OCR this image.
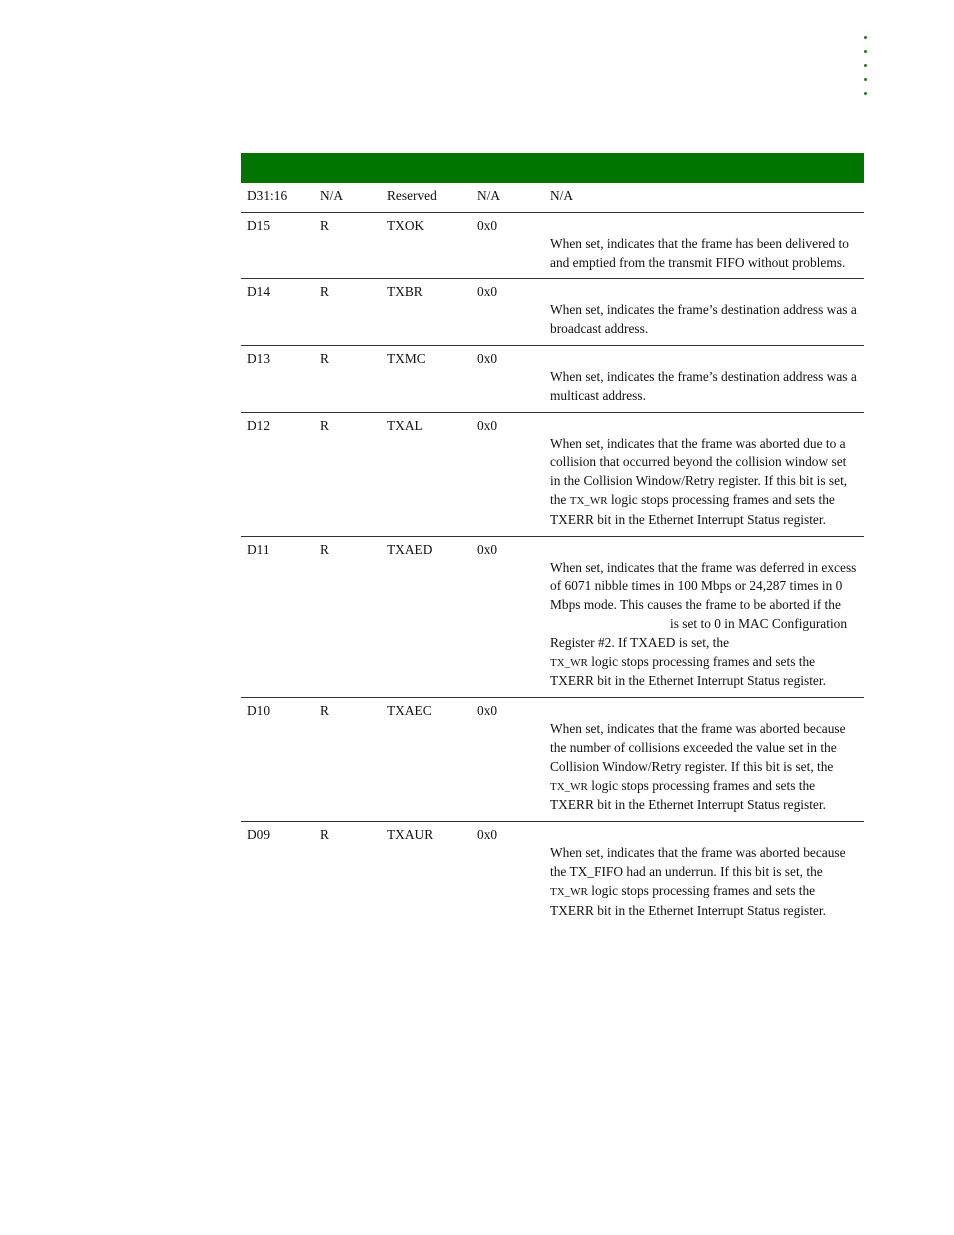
D31:16	N/A	Reserved	N/A	N/A
D15	R	TXOK	0x0	When set, indicates that the frame has been delivered to and emptied from the transmit FIFO without problems.

D14	R	TXBR	0x0	When set, indicates the frame’s destination address was a broadcast address.

D13	R	TXMC	0x0	When set, indicates the frame’s destination address was a multicast address.

D12	R	TXAL	0x0	When set, indicates that the frame was aborted due to a collision that occurred beyond the collision window set in the Collision Window/Retry register. If this bit is set, the TX_WR logic stops processing frames and sets the TXERR bit in the Ethernet Interrupt Status register.

D11	R	TXAED	0x0	When set, indicates that the frame was deferred in excess of 6071 nibble times in 100 Mbps or 24,287 times in 0 Mbps mode. This causes the frame to be aborted if theis set to 0 in MAC Configuration Register #2. If TXAED is set, the
TX_WR logic stops processing frames and sets the TXERR bit in the Ethernet Interrupt Status register.

D10	R	TXAEC	0x0	When set, indicates that the frame was aborted because the number of collisions exceeded the value set in the Collision Window/Retry register. If this bit is set, the
TX_WR logic stops processing frames and sets the TXERR bit in the Ethernet Interrupt Status register.

D09	R	TXAUR	0x0	When set, indicates that the frame was aborted because the TX_FIFO had an underrun. If this bit is set, the
TX_WR logic stops processing frames and sets the TXERR bit in the Ethernet Interrupt Status register.
